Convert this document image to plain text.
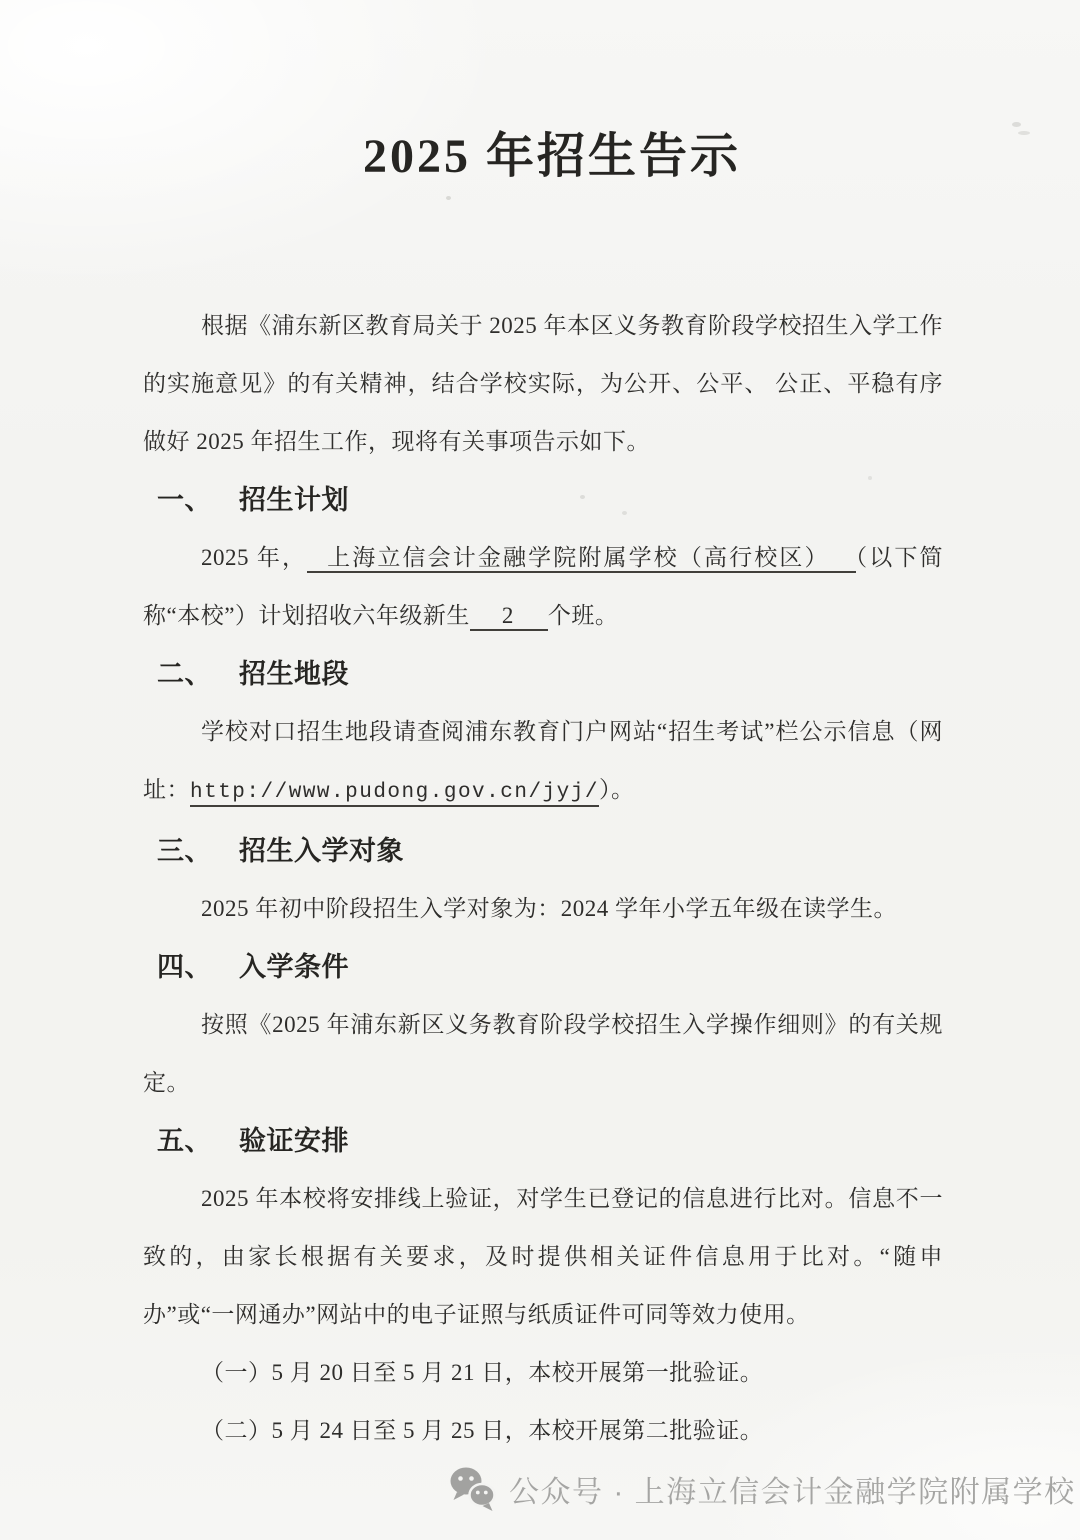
2025 年招生告示

根据《浦东新区教育局关于 2025 年本区义务教育阶段学校招生入学工作的实施意见》的有关精神，结合学校实际，为公开、公平、 公正、平稳有序做好 2025 年招生工作，现将有关事项告示如下。

一、 招生计划

2025 年， 上海立信会计金融学院附属学校（高行校区） （以下简称“本校”）计划招收六年级新生 2 个班。

二、 招生地段

学校对口招生地段请查阅浦东教育门户网站“招生考试”栏公示信息（网址：http://www.pudong.gov.cn/jyj/）。

三、 招生入学对象

2025 年初中阶段招生入学对象为：2024 学年小学五年级在读学生。

四、 入学条件

按照《2025 年浦东新区义务教育阶段学校招生入学操作细则》的有关规定。

五、 验证安排

2025 年本校将安排线上验证，对学生已登记的信息进行比对。信息不一致的，由家长根据有关要求，及时提供相关证件信息用于比对。“随申办”或“一网通办”网站中的电子证照与纸质证件可同等效力使用。

（一）5 月 20 日至 5 月 21 日，本校开展第一批验证。

（二）5 月 24 日至 5 月 25 日，本校开展第二批验证。

公众号 · 上海立信会计金融学院附属学校
